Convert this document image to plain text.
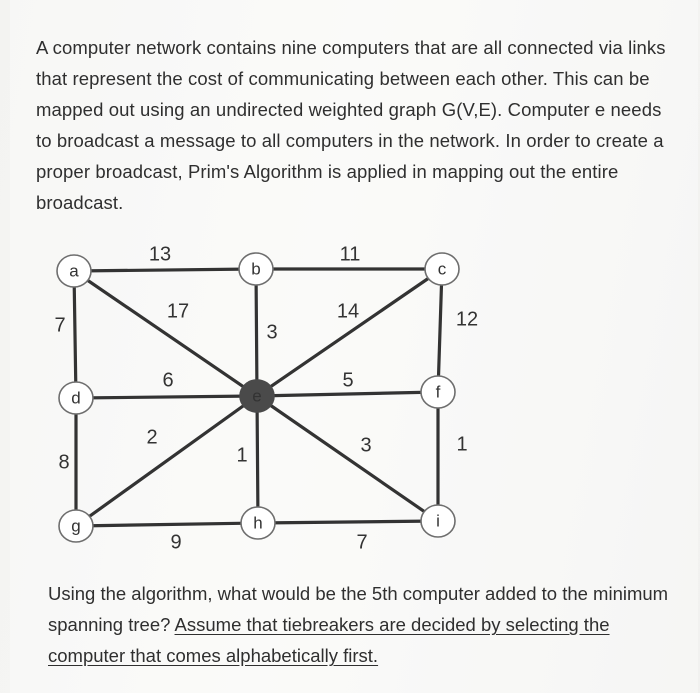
A computer network contains nine computers that are all connected via links that represent the cost of communicating between each other. This can be mapped out using an undirected weighted graph G(V,E). Computer e needs to broadcast a message to all computers in the network. In order to create a proper broadcast, Prim's Algorithm is applied in mapping out the entire broadcast.
13	11
17
7	3
14	12
6	5
8
2
1	3	1
9	7
a	b	c
d	e	f
g	h	i
Using the algorithm, what would be the 5th computer added to the minimum spanning tree? Assume that tiebreakers are decided by selecting the computer that comes alphabetically first.
